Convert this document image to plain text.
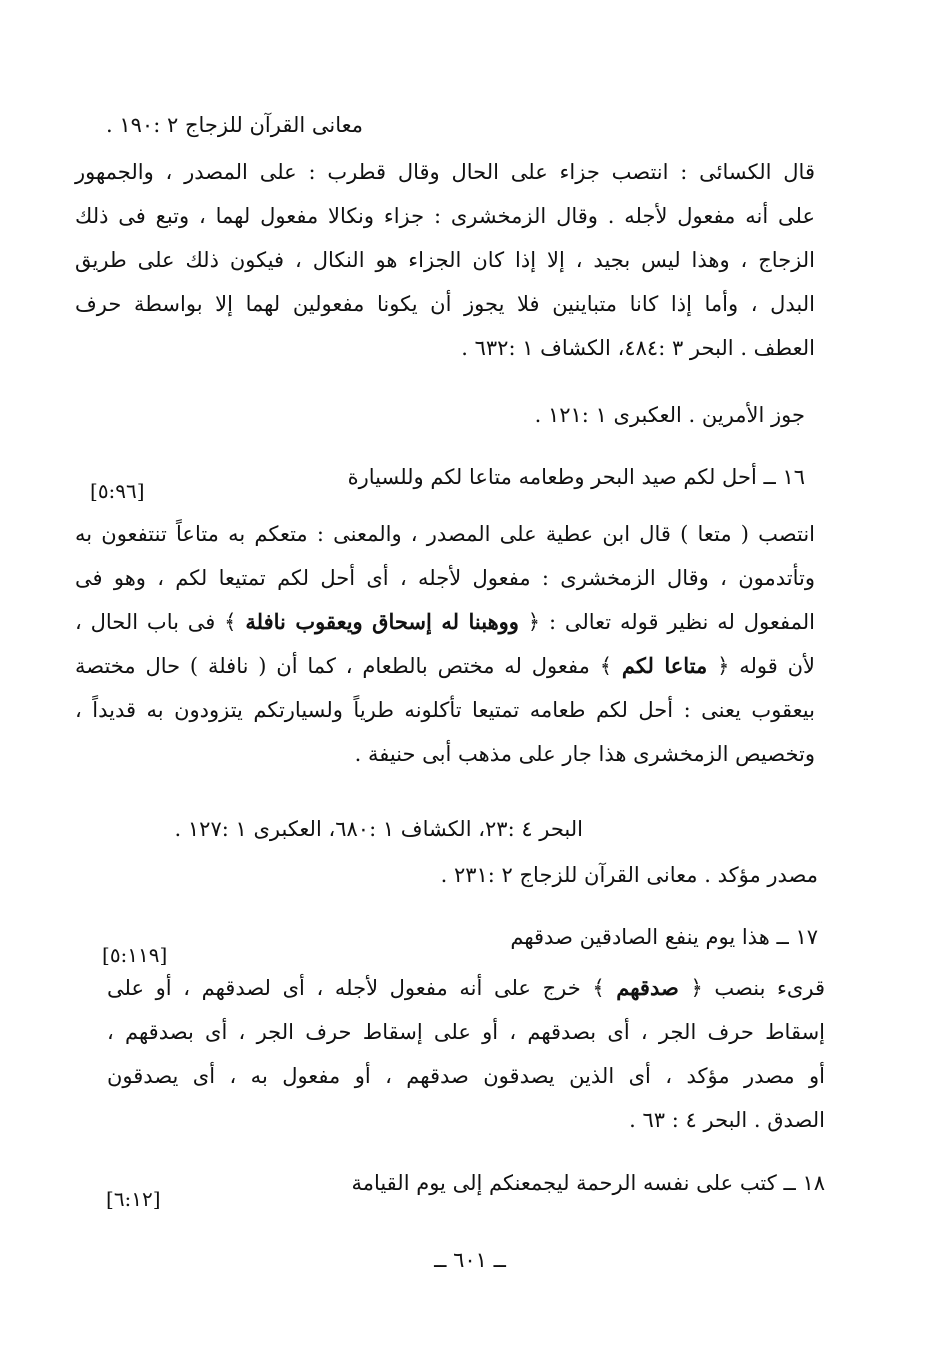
معانى القرآن للزجاج ٢ :١٩٠ .
قال الكسائى : انتصب جزاء على الحال وقال قطرب : على المصدر ، والجمهور
على أنه مفعول لأجله . وقال الزمخشرى : جزاء ونكالا مفعول لهما ، وتبع فى ذلك
الزجاج ، وهذا ليس بجيد ، إلا إذا كان الجزاء هو النكال ، فيكون ذلك على طريق
البدل ، وأما إذا كانا متباينين فلا يجوز أن يكونا مفعولين لهما إلا بواسطة حرف
العطف . البحر ٣ :٤٨٤، الكشاف ١ :٦٣٢ .
جوز الأمرين . العكبرى ١ :١٢١ .
١٦ ــ أحل لكم صيد البحر وطعامه متاعا لكم وللسيارة
[٥:٩٦]
انتصب ( متعا ) قال ابن عطية على المصدر ، والمعنى : متعكم به متاعاً تنتفعون به
وتأتدمون ، وقال الزمخشرى : مفعول لأجله ، أى أحل لكم تمتيعا لكم ، وهو فى
المفعول له نظير قوله تعالى : ﴿ ووهبنا له إسحاق ويعقوب نافلة ﴾ فى باب الحال ،
لأن قوله ﴿ متاعا لكم ﴾ مفعول له مختص بالطعام ، كما أن ( نافلة ) حال مختصة
بيعقوب يعنى : أحل لكم طعامه تمتيعا تأكلونه طرياً ولسيارتكم يتزودون به قديداً ،
وتخصيص الزمخشرى هذا جار على مذهب أبى حنيفة .
البحر ٤ :٢٣، الكشاف ١ :٦٨٠، العكبرى ١ :١٢٧ .
مصدر مؤكد . معانى القرآن للزجاج ٢ :٢٣١ .
١٧ ــ هذا يوم ينفع الصادقين صدقهم
[٥:١١٩]
قرىء بنصب ﴿ صدقهم ﴾ خرج على أنه مفعول لأجله ، أى لصدقهم ، أو على
إسقاط حرف الجر ، أى بصدقهم ، أو على إسقاط حرف الجر ، أى بصدقهم ،
أو مصدر مؤكد ، أى الذين يصدقون صدقهم ، أو مفعول به ، أى يصدقون
الصدق . البحر ٤ : ٦٣ .
١٨ ــ كتب على نفسه الرحمة ليجمعنكم إلى يوم القيامة
[٦:١٢]
ــ ٦٠١ ــ
